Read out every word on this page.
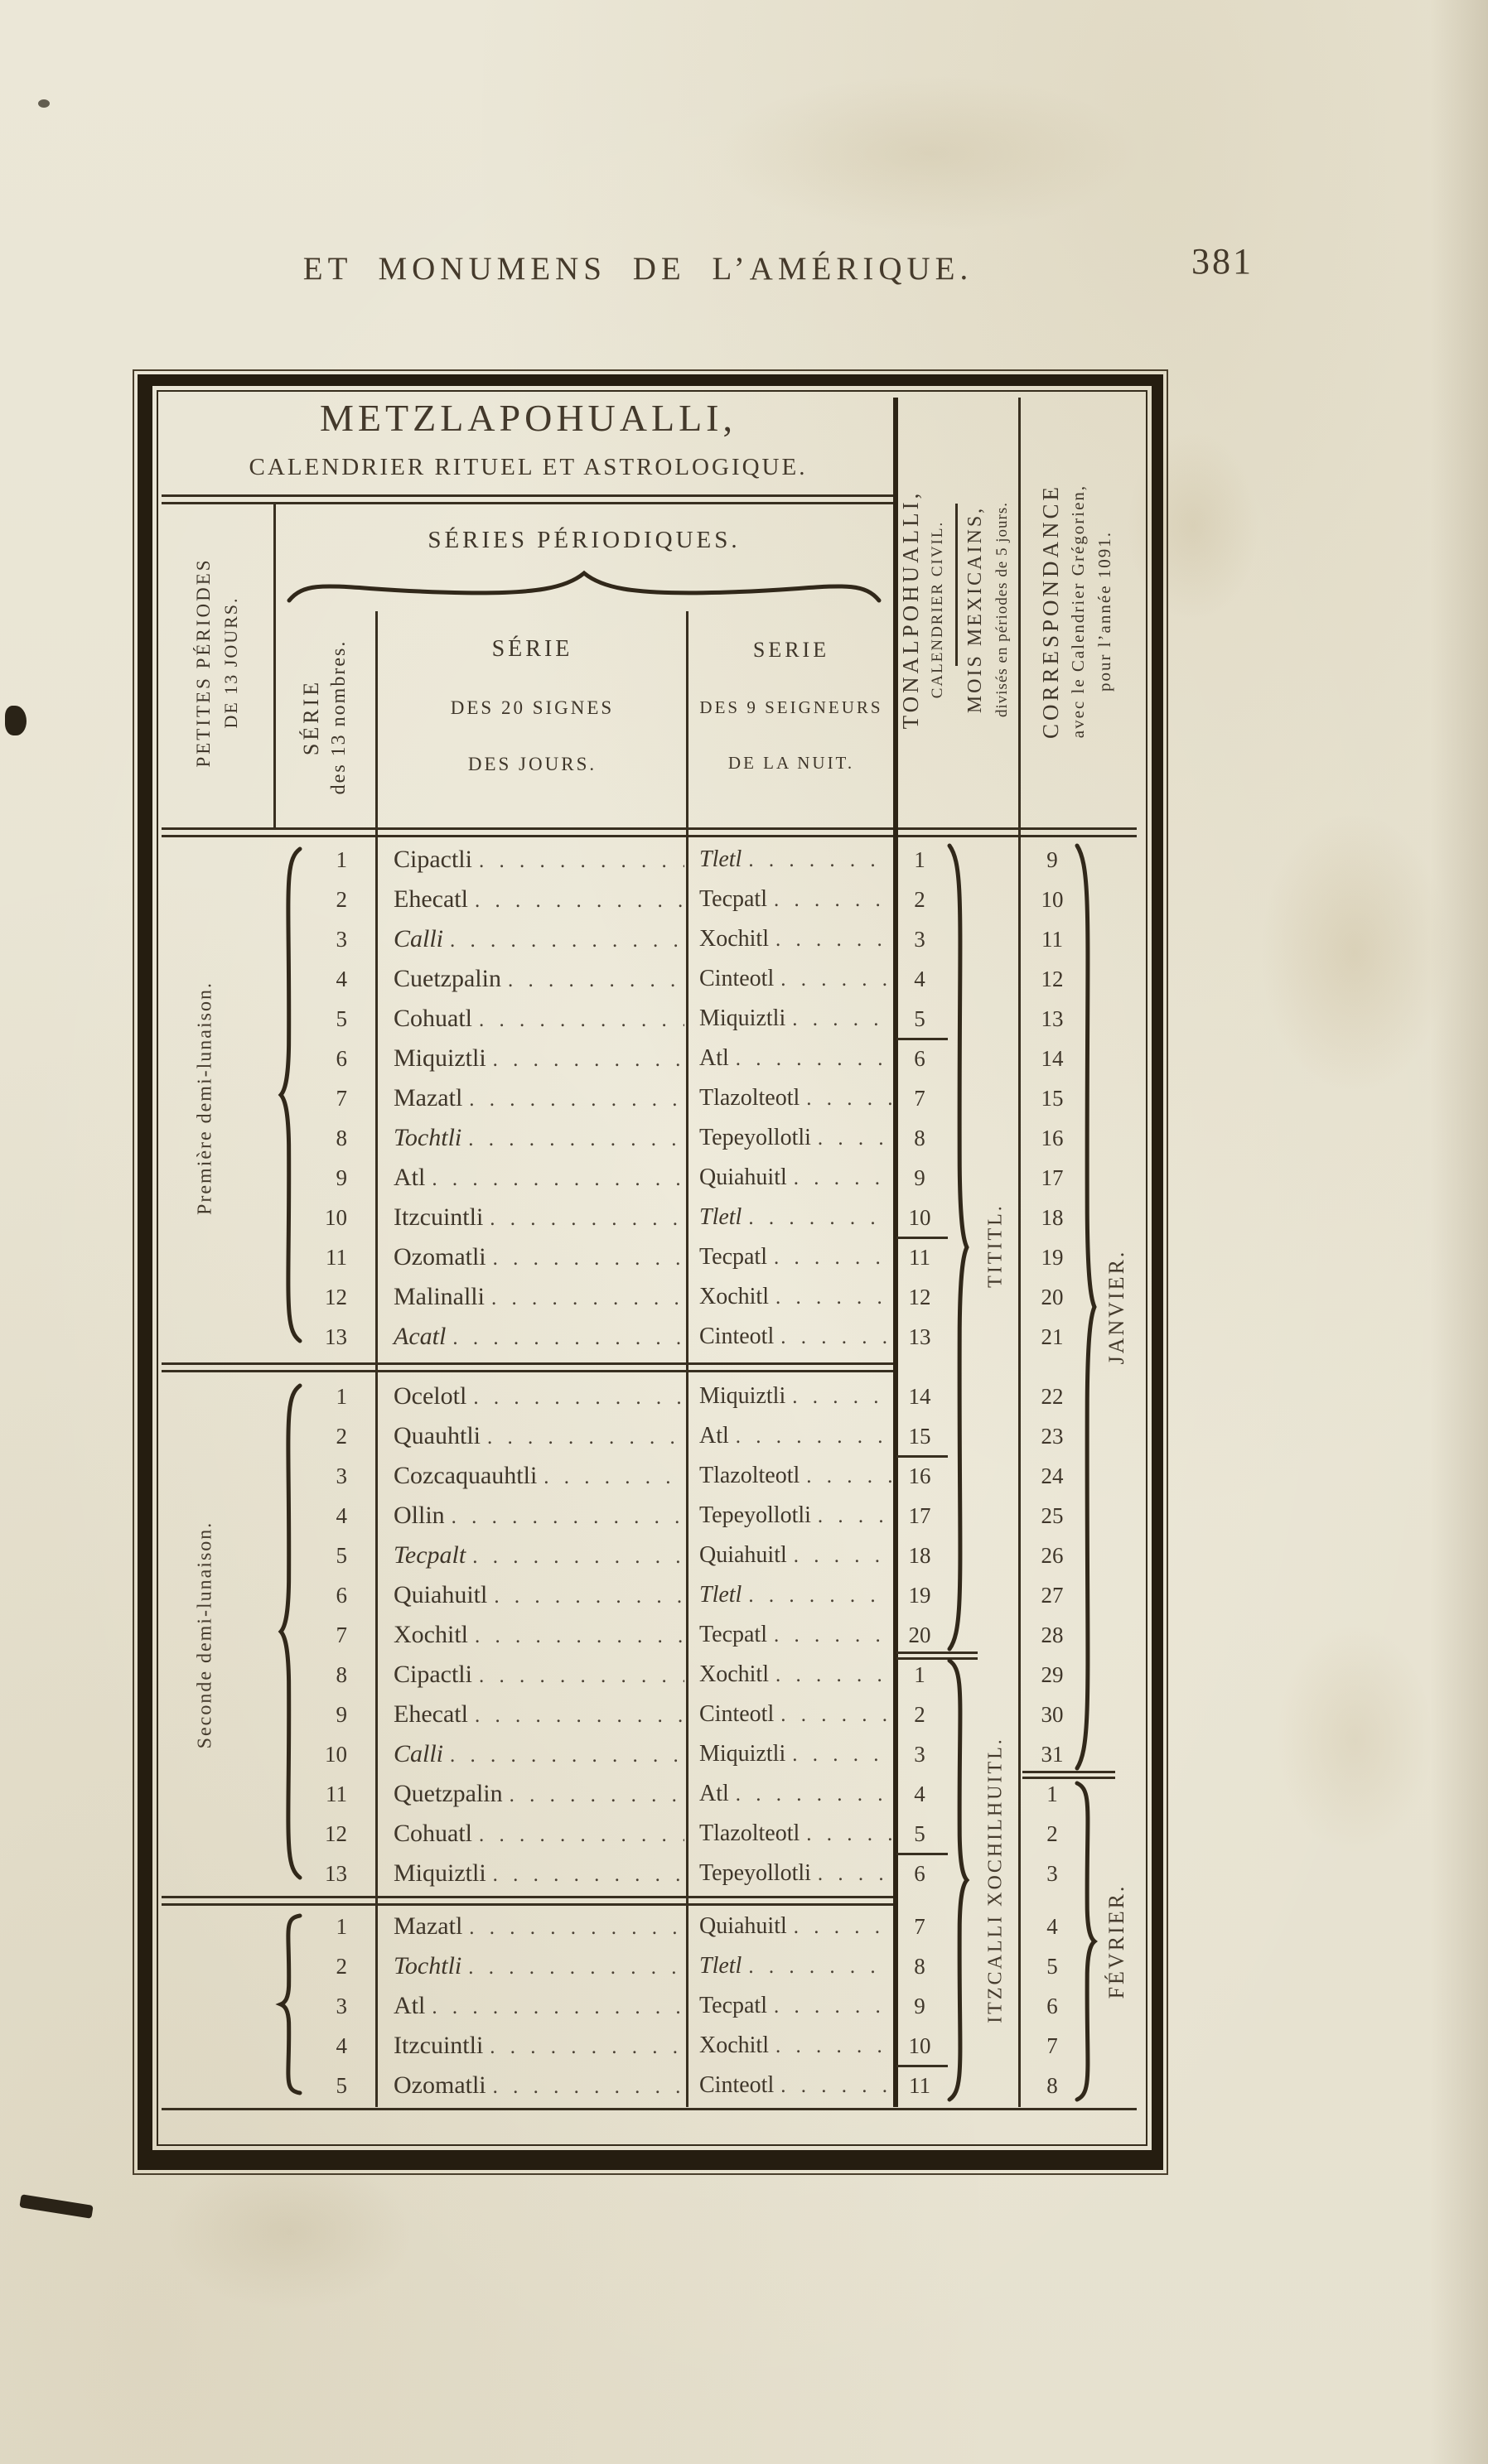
ET MONUMENS DE L’AMÉRIQUE.	381
METZLAPOHUALLI,
CALENDRIER RITUEL ET ASTROLOGIQUE.
SÉRIES PÉRIODIQUES.
SÉRIE
DES 20 SIGNES
DES JOURS.
SERIE
DES 9 SEIGNEURS
DE LA NUIT.
PETITES PÉRIODES DE 13 JOURS.	SÉRIE des 13 nombres.	TONALPOHUALLI, CALENDRIER CIVIL. MOIS MEXICAINS, divisés en périodes de 5 jours. CORRESPONDANCE avec le Calendrier Grégorien, pour l’année 1091.
Première demi-lunaison.
Seconde demi-lunaison.
1	Cipactli . . .	Tletl . . .	1	9
2	Ehecatl . . .	Tecpatl . . .	2	10
3	Calli . . .	Xochitl . . .	3	11
4	Cuetzpalin . . .	Cinteotl . . .	4	12
5	Cohuatl . . .	Miquiztli . . .	5	13
6	Miquiztli . . .	Atl . . .	6	14
7	Mazatl . . .	Tlazolteotl . . .	7	15
8	Tochtli . . .	Tepeyollotli . . .	8	16
9	Atl . . .	Quiahuitl . . .	9	17
10	Itzcuintli . . .	Tletl . . .	10	18
11	Ozomatli . . .	Tecpatl . . .	11	19
12	Malinalli . . .	Xochitl . . .	12	20
13	Acatl . . .	Cinteotl . . .	13	21
1	Ocelotl . . .	Miquiztli . . .	14	22
2	Quauhtli . . .	Atl . . .	15	23
3	Cozcaquauhtli . . .	Tlazolteotl . . .	16	24
4	Ollin . . .	Tepeyollotli . . .	17	25
5	Tecpalt . . .	Quiahuitl . . .	18	26
6	Quiahuitl . . .	Tletl . . .	19	27
7	Xochitl . . .	Tecpatl . . .	20	28
8	Cipactli . . .	Xochitl . . .	1	29
9	Ehecatl . . .	Cinteotl . . .	2	30
10	Calli . . .	Miquiztli . . .	3	31
11	Quetzpalin . . .	Atl . . .	4	1
12	Cohuatl . . .	Tlazolteotl . . .	5	2
13	Miquiztli . . .	Tepeyollotli . . .	6	3
1	Mazatl . . .	Quiahuitl . . .	7	4
2	Tochtli . . .	Tletl . . .	8	5
3	Atl . . .	Tecpatl . . .	9	6
4	Itzcuintli . . .	Xochitl . . .	10	7
5	Ozomatli . . .	Cinteotl . . .	11	8
TITITL.
ITZCALLI XOCHILHUITL.
JANVIER.
FÉVRIER.
